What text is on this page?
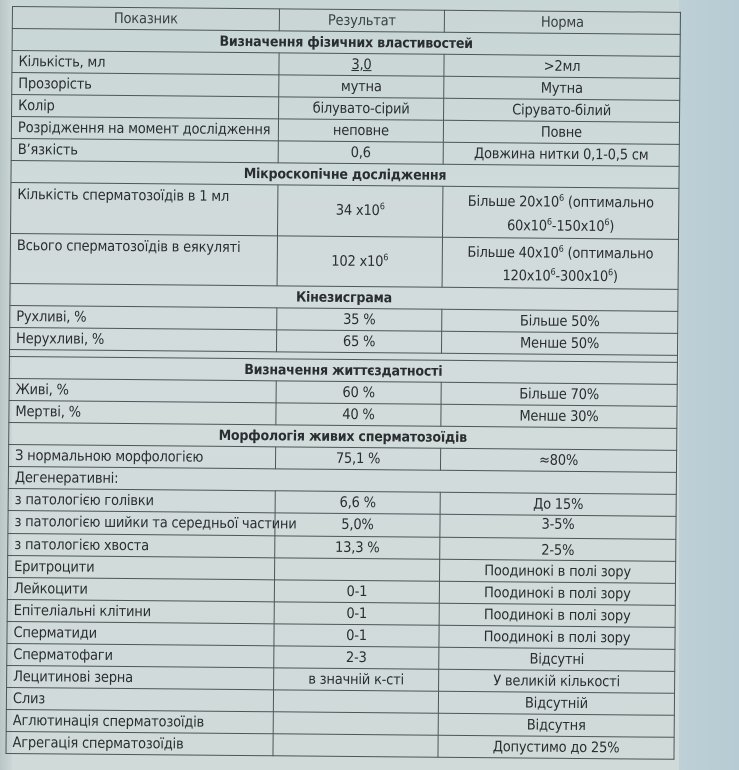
Показник	Результат	Норма
Визначення фізичних властивостей		
Кількість, мл	3,0	>2мл
Прозорість	мутна	Мутна
Колір	білувато-сірий	Сірувато-білий
Розрідження на момент дослідження	неповне	Повне
В’язкість	0,6	Довжина нитки 0,1-0,5 см
Мікроскопічне дослідження		
Кількість сперматозоїдів в 1 мл	34 $x10^6$	Більше $20x10^6$ (оптимально
$60x10^6-150x10^6$)
Всього сперматозоїдів в еякуляті	102 $x10^6$	Більше $40x10^6$ (оптимально
$120x10^6-300x10^6$)
Кінезисграма		
Рухливі, %	35 %	Більше 50%
Нерухливі, %	65 %	Менше 50%

Визначення життєздатності		
Живі, %	60 %	Більше 70%
Мертві, %	40 %	Менше 30%
Морфологія живих сперматозоїдів		
З нормальною морфологією	75,1 %	≈80%
Дегенеративні:		
з патологією голівки	6,6 %	До 15%
з патологією шийки та середньої частини	5,0%	3-5%
з патологією хвоста	13,3 %	2-5%
Еритроцити		Поодинокі в полі зору
Лейкоцити	0-1	Поодинокі в полі зору
Епітеліальні клітини	0-1	Поодинокі в полі зору
Сперматиди	0-1	Поодинокі в полі зору
Сперматофаги	2-3	Відсутні
Лецитинові зерна	в значній к-сті	У великій кількості
Слиз		Відсутній
Аглютинація сперматозоїдів		Відсутня
Агрегація сперматозоїдів		Допустимо до 25%
